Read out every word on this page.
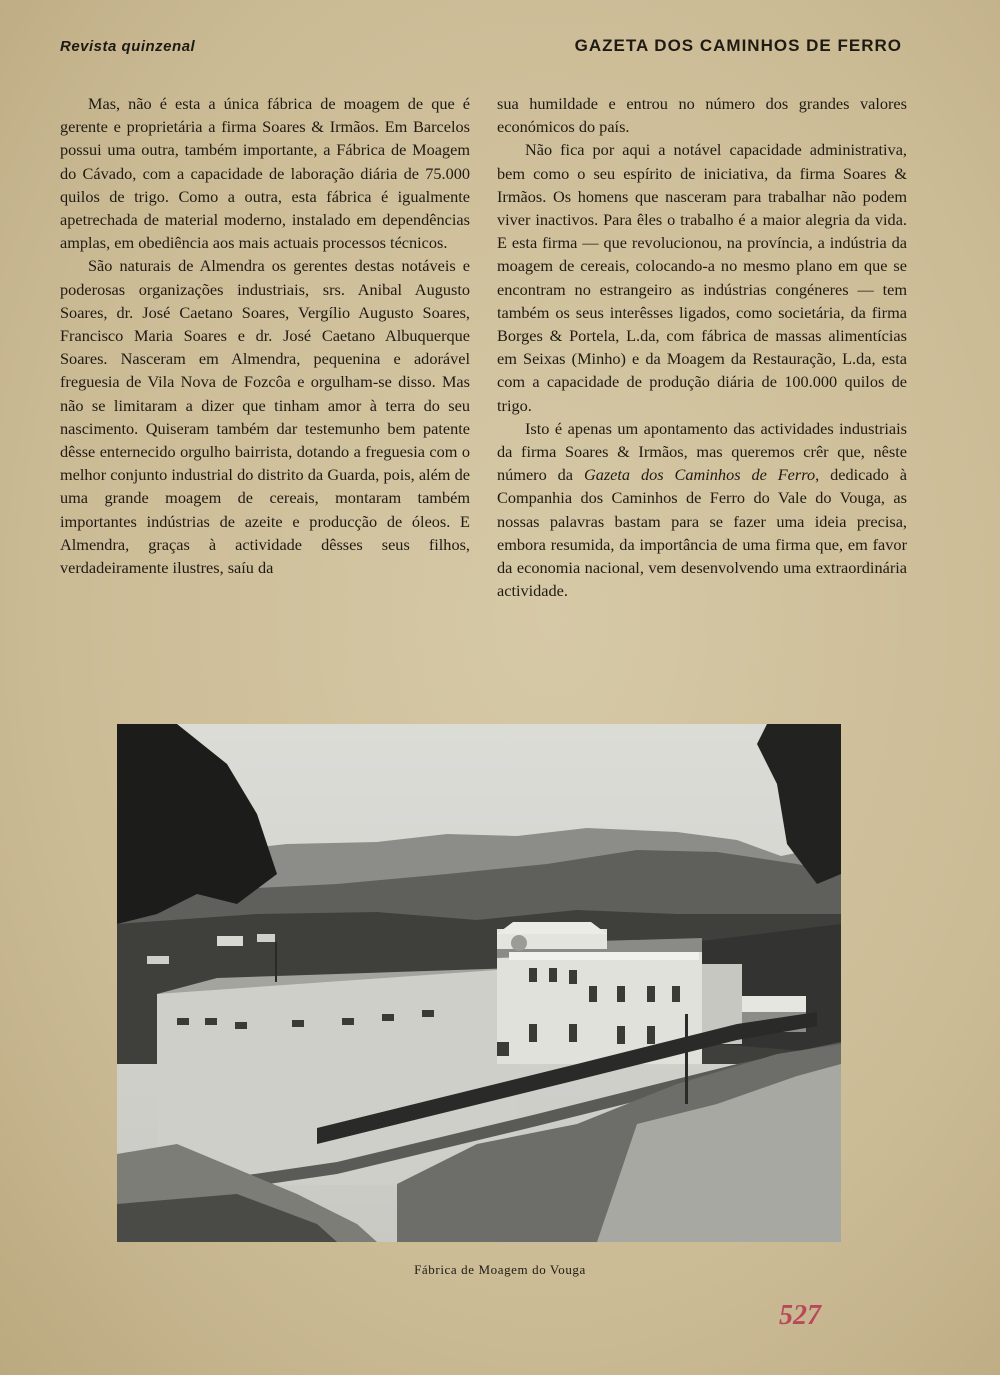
Revista quinzenal	GAZETA DOS CAMINHOS DE FERRO

Mas, não é esta a única fábrica de moagem de que é gerente e proprietária a firma Soares & Irmãos. Em Barcelos possui uma outra, também importante, a Fábrica de Moagem do Cávado, com a capacidade de laboração diária de 75.000 quilos de trigo. Como a outra, esta fábrica é igualmente apetrechada de material moderno, instalado em dependências amplas, em obediência aos mais actuais processos técnicos.

São naturais de Almendra os gerentes destas notáveis e poderosas organizações industriais, srs. Anibal Augusto Soares, dr. José Caetano Soares, Vergílio Augusto Soares, Francisco Maria Soares e dr. José Caetano Albuquerque Soares. Nasceram em Almendra, pequenina e adorável freguesia de Vila Nova de Fozcôa e orgulham-se disso. Mas não se limitaram a dizer que tinham amor à terra do seu nascimento. Quiseram também dar testemunho bem patente dêsse enternecido orgulho bairrista, dotando a freguesia com o melhor conjunto industrial do distrito da Guarda, pois, além de uma grande moagem de cereais, montaram também importantes indústrias de azeite e producção de óleos. E Almendra, graças à actividade dêsses seus filhos, verdadeiramente ilustres, saíu da

sua humildade e entrou no número dos grandes valores económicos do país.

Não fica por aqui a notável capacidade administrativa, bem como o seu espírito de iniciativa, da firma Soares & Irmãos. Os homens que nasceram para trabalhar não podem viver inactivos. Para êles o trabalho é a maior alegria da vida. E esta firma — que revolucionou, na província, a indústria da moagem de cereais, colocando-a no mesmo plano em que se encontram no estrangeiro as indústrias congéneres — tem também os seus interêsses ligados, como societária, da firma Borges & Portela, L.da, com fábrica de massas alimentícias em Seixas (Minho) e da Moagem da Restauração, L.da, esta com a capacidade de produção diária de 100.000 quilos de trigo.

Isto é apenas um apontamento das actividades industriais da firma Soares & Irmãos, mas queremos crêr que, nêste número da Gazeta dos Caminhos de Ferro, dedicado à Companhia dos Caminhos de Ferro do Vale do Vouga, as nossas palavras bastam para se fazer uma ideia precisa, embora resumida, da importância de uma firma que, em favor da economia nacional, vem desenvolvendo uma extraordinária actividade.

Fábrica de Moagem do Vouga
527
